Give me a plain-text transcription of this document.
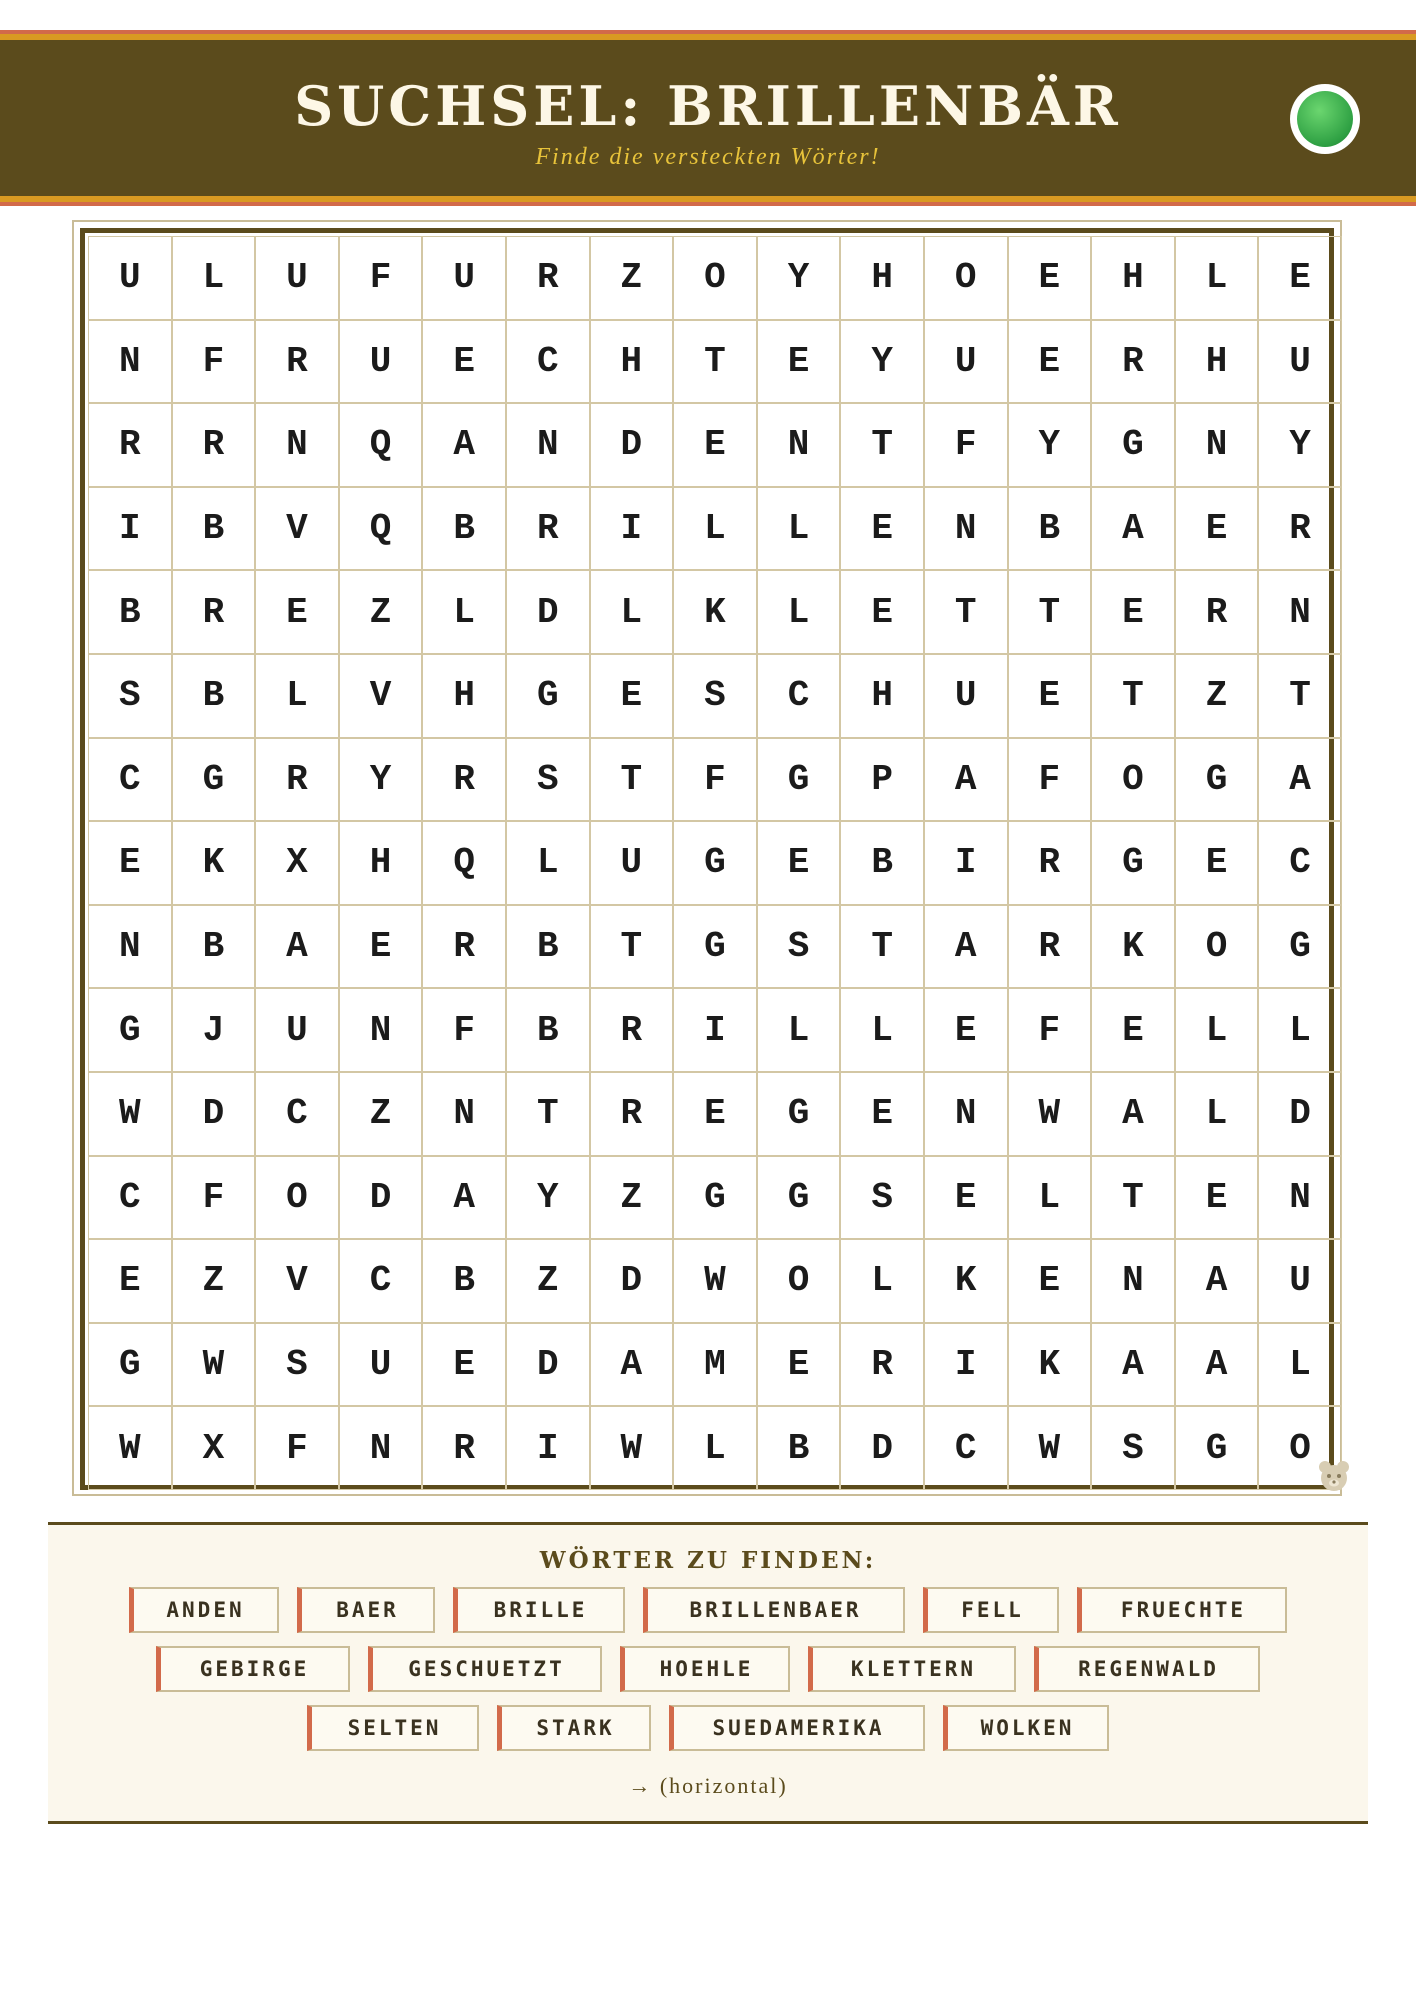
SUCHSEL: BRILLENBÄR
Finde die versteckten Wörter!
U	L	U	F	U	R	Z	O	Y	H	O	E	H	L	E
N	F	R	U	E	C	H	T	E	Y	U	E	R	H	U
R	R	N	Q	A	N	D	E	N	T	F	Y	G	N	Y
I	B	V	Q	B	R	I	L	L	E	N	B	A	E	R
B	R	E	Z	L	D	L	K	L	E	T	T	E	R	N
S	B	L	V	H	G	E	S	C	H	U	E	T	Z	T
C	G	R	Y	R	S	T	F	G	P	A	F	O	G	A
E	K	X	H	Q	L	U	G	E	B	I	R	G	E	C
N	B	A	E	R	B	T	G	S	T	A	R	K	O	G
G	J	U	N	F	B	R	I	L	L	E	F	E	L	L
W	D	C	Z	N	T	R	E	G	E	N	W	A	L	D
C	F	O	D	A	Y	Z	G	G	S	E	L	T	E	N
E	Z	V	C	B	Z	D	W	O	L	K	E	N	A	U
G	W	S	U	E	D	A	M	E	R	I	K	A	A	L
W	X	F	N	R	I	W	L	B	D	C	W	S	G	O
WÖRTER ZU FINDEN:
ANDEN	BAER	BRILLE	BRILLENBAER	FELL	FRUECHTE
GEBIRGE	GESCHUETZT	HOEHLE	KLETTERN	REGENWALD
SELTEN	STARK	SUEDAMERIKA	WOLKEN
→ (horizontal)
